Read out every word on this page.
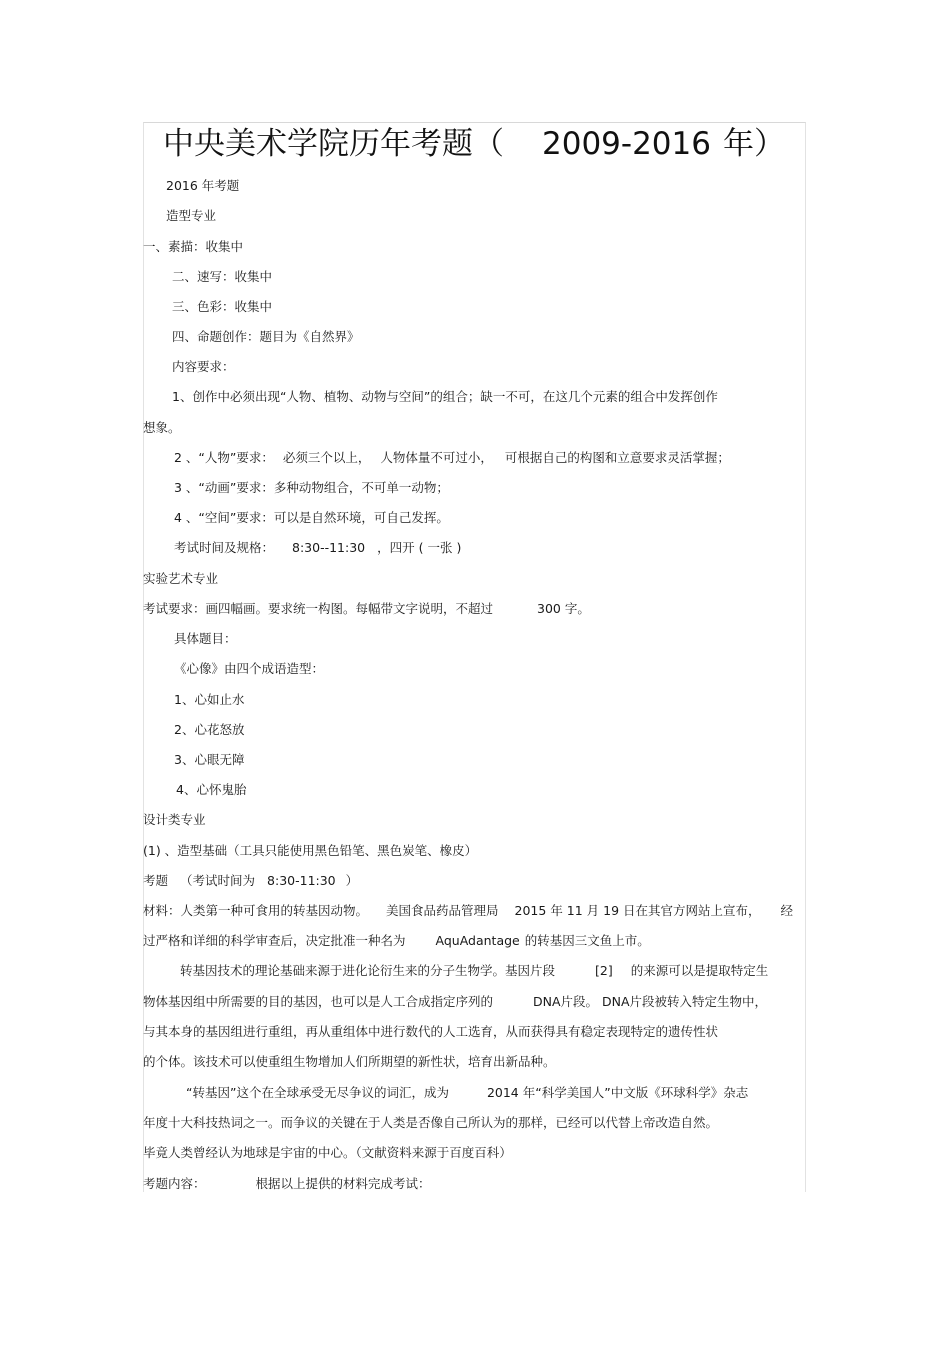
中央美术学院历年考题（ 2009-2016 年）
2016 年考题
造型专业
一、素描：收集中
二、速写：收集中
三、色彩：收集中
四、命题创作：题目为《自然界》
内容要求：
1、创作中必须出现“人物、植物、动物与空间”的组合；缺一不可，在这几个元素的组合中发挥创作
想象。
2 、“人物”要求： 必须三个以上， 人物体量不可过小， 可根据自己的构图和立意要求灵活掌握；
3 、“动画”要求：多种动物组合，不可单一动物；
4 、“空间”要求：可以是自然环境，可自己发挥。
考试时间及规格： 8:30--11:30 ，四开 ( 一张 )
实验艺术专业
考试要求：画四幅画。要求统一构图。每幅带文字说明，不超过	300 字。
具体题目：
《心像》由四个成语造型：
1、心如止水
2、心花怒放
3、心眼无障
4、心怀鬼胎
设计类专业
(1) 、造型基础（工具只能使用黑色铅笔、黑色炭笔、橡皮）
考题 （考试时间为 8:30-11:30 ）
材料：人类第一种可食用的转基因动物。 美国食品药品管理局 2015 年 11 月 19 日在其官方网站上宣布， 经
过严格和详细的科学审查后，决定批准一种名为 AquAdantage 的转基因三文鱼上市。
转基因技术的理论基础来源于进化论衍生来的分子生物学。基因片段	[2] 的来源可以是提取特定生
物体基因组中所需要的目的基因，也可以是人工合成指定序列的	DNA片段。 DNA片段被转入特定生物中，
与其本身的基因组进行重组，再从重组体中进行数代的人工选育，从而获得具有稳定表现特定的遗传性状
的个体。该技术可以使重组生物增加人们所期望的新性状，培育出新品种。
“转基因”这个在全球承受无尽争议的词汇，成为	2014 年“科学美国人”中文版《环球科学》杂志
年度十大科技热词之一。而争议的关键在于人类是否像自己所认为的那样，已经可以代替上帝改造自然。
毕竟人类曾经认为地球是宇宙的中心。（文献资料来源于百度百科）
考题内容：	根据以上提供的材料完成考试：
